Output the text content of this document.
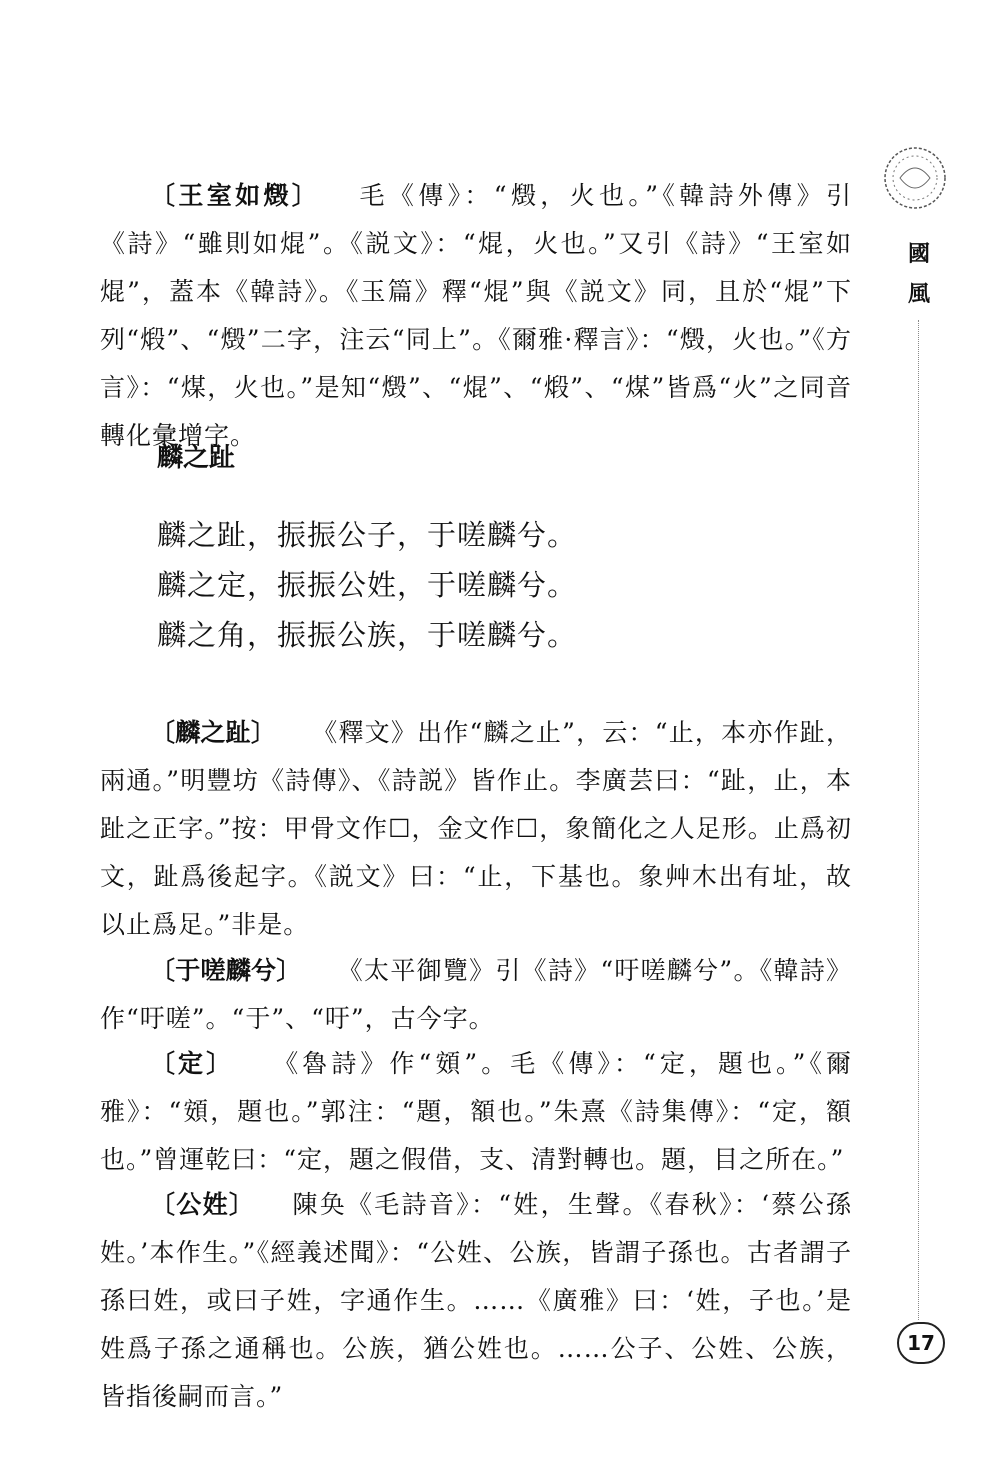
國
風

〔王室如燬〕 毛《傳》：“燬，火也。”《韓詩外傳》引《詩》“雖則如焜”。《説文》：“焜，火也。”又引《詩》“王室如焜”，蓋本《韓詩》。《玉篇》釋“焜”與《説文》同，且於“焜”下列“煅”、“燬”二字，注云“同上”。《爾雅·釋言》：“燬，火也。”《方言》：“煤，火也。”是知“燬”、“焜”、“煅”、“煤”皆爲“火”之同音轉化彙增字。

麟之趾

麟之趾，振振公子，于嗟麟兮。

麟之定，振振公姓，于嗟麟兮。

麟之角，振振公族，于嗟麟兮。

〔麟之趾〕 《釋文》出作“麟之止”，云：“止，本亦作趾，兩通。”明豐坊《詩傳》、《詩説》皆作止。李廣芸曰：“趾，止，本趾之正字。”按：甲骨文作☐，金文作☐，象簡化之人足形。止爲初文，趾爲後起字。《説文》曰：“止，下基也。象艸木出有址，故以止爲足。”非是。

〔于嗟麟兮〕 《太平御覽》引《詩》“吁嗟麟兮”。《韓詩》作“吁嗟”。“于”、“吁”，古今字。

〔定〕 《魯詩》作“頞”。毛《傳》：“定，題也。”《爾雅》：“頞，題也。”郭注：“題，額也。”朱熹《詩集傳》：“定，額也。”曾運乾曰：“定，題之假借，支、清對轉也。題，目之所在。”

〔公姓〕 陳奂《毛詩音》：“姓，生聲。《春秋》：‘蔡公孫姓。’本作生。”《經義述聞》：“公姓、公族，皆謂子孫也。古者謂子孫曰姓，或曰子姓，字通作生。……《廣雅》曰：‘姓，子也。’是姓爲子孫之通稱也。公族，猶公姓也。……公子、公姓、公族，皆指後嗣而言。”

17
